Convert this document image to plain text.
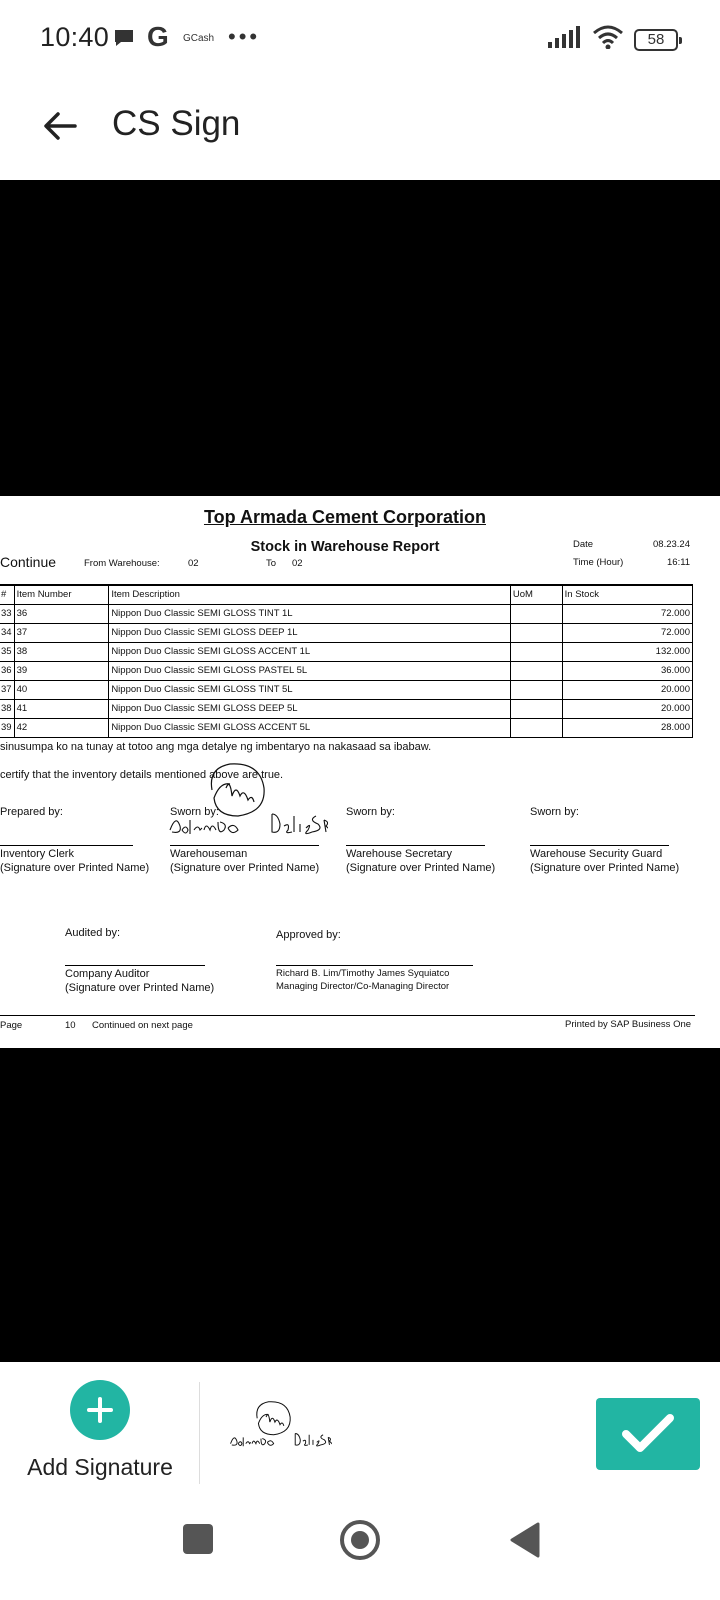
10:40 G GCash •••	58
CS Sign
Top Armada Cement Corporation
Stock in Warehouse Report	Date	08.23.24
Time (Hour)	16:11
Continue	From Warehouse:	02	To 02
#	Item Number	Item Description	UoM	In Stock
33	36	Nippon Duo Classic SEMI GLOSS TINT 1L		72.000
34	37	Nippon Duo Classic SEMI GLOSS DEEP 1L		72.000
35	38	Nippon Duo Classic SEMI GLOSS ACCENT 1L		132.000
36	39	Nippon Duo Classic SEMI GLOSS PASTEL 5L		36.000
37	40	Nippon Duo Classic SEMI GLOSS TINT 5L		20.000
38	41	Nippon Duo Classic SEMI GLOSS DEEP 5L		20.000
39	42	Nippon Duo Classic SEMI GLOSS ACCENT 5L		28.000
sinusumpa ko na tunay at totoo ang mga detalye ng imbentaryo na nakasaad sa ibabaw.
certify that the inventory details mentioned above are true.
Prepared by:	Sworn by:	Sworn by:	Sworn by:
Inventory Clerk
(Signature over Printed Name)
Warehouseman
(Signature over Printed Name)
Warehouse Secretary
(Signature over Printed Name)
Warehouse Security Guard
(Signature over Printed Name)
Audited by:	Approved by:
Company Auditor
(Signature over Printed Name)
Richard B. Lim/Timothy James Syquiatco
Managing Director/Co-Managing Director
Page	10 Continued on next page	Printed by SAP Business One
Add Signature
